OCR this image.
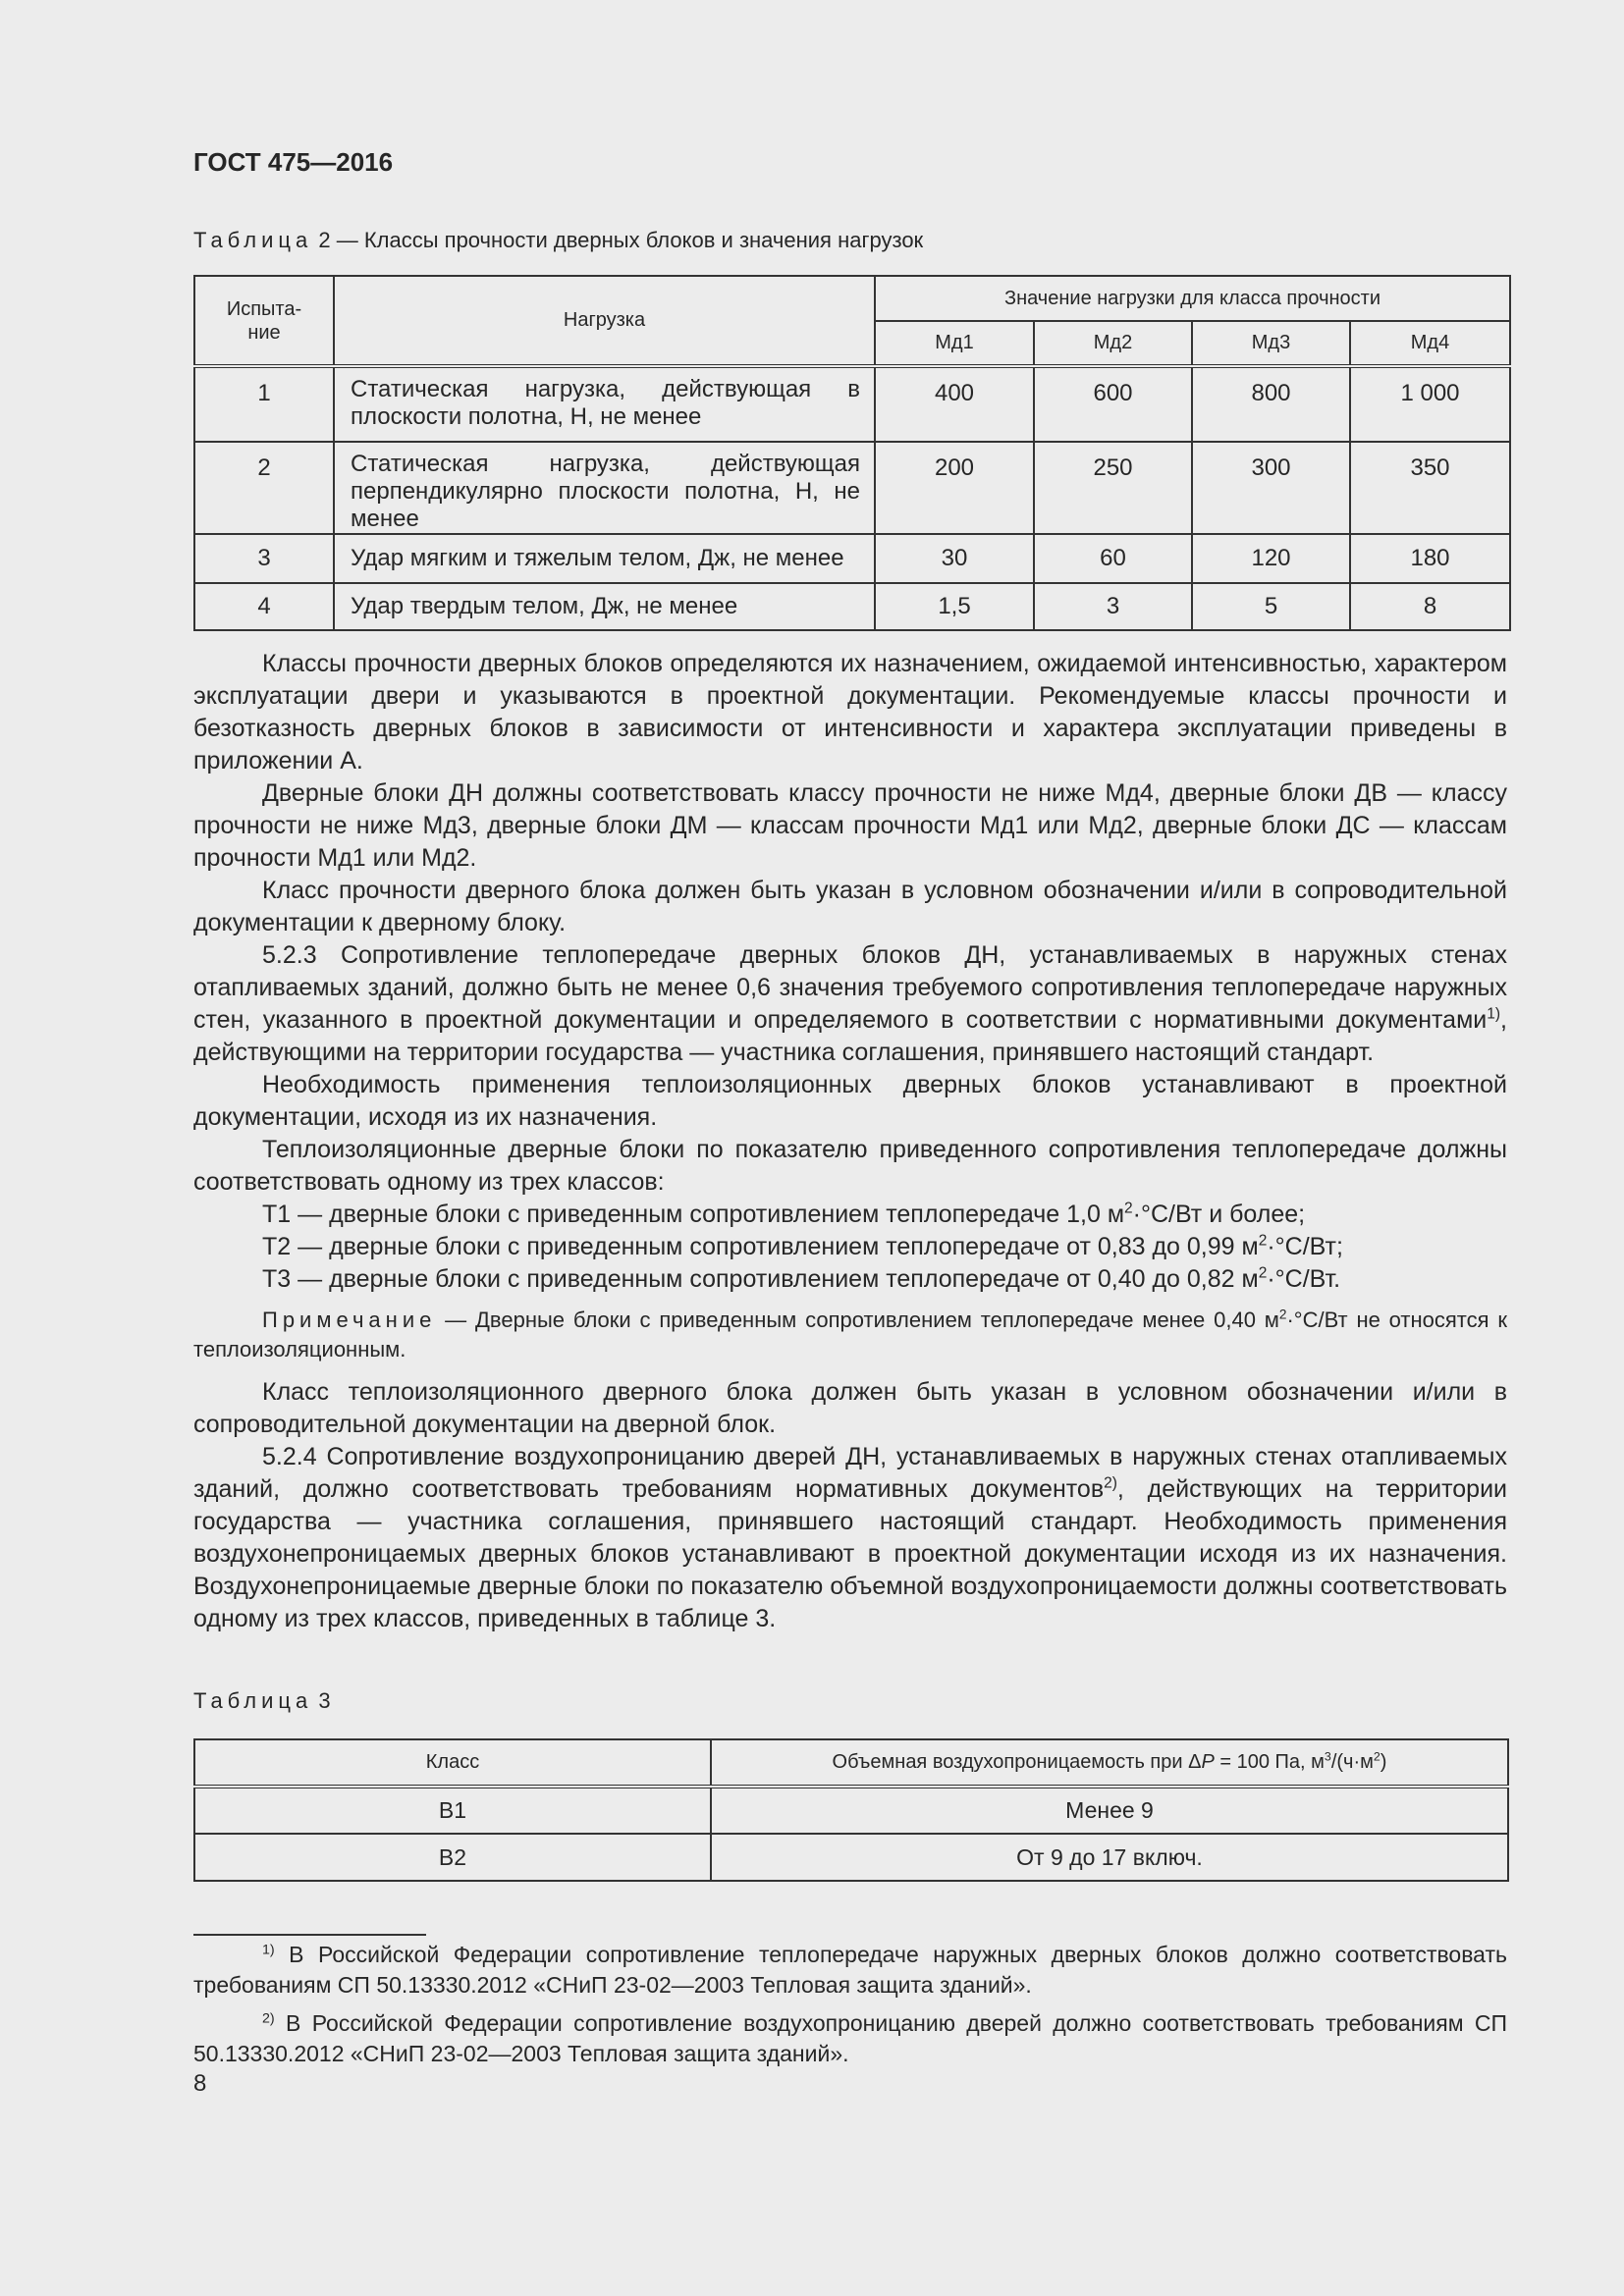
ГОСТ 475—2016
Таблица 2 — Классы прочности дверных блоков и значения нагрузок
Испыта-
ние	Нагрузка	Значение нагрузки для класса прочности			
		Мд1	Мд2	Мд3	Мд4
1	Статическая нагрузка, действующая в плоскости полотна, Н, не менее	400	600	800	1 000
2	Статическая нагрузка, действующая перпендикулярно плоскости полотна, Н, не менее	200	250	300	350
3	Удар мягким и тяжелым телом, Дж, не менее	30	60	120	180
4	Удар твердым телом, Дж, не менее	1,5	3	5	8

Классы прочности дверных блоков определяются их назначением, ожидаемой интенсивностью, характером эксплуатации двери и указываются в проектной документации. Рекомендуемые классы прочности и безотказность дверных блоков в зависимости от интенсивности и характера эксплуатации приведены в приложении А.

Дверные блоки ДН должны соответствовать классу прочности не ниже Мд4, дверные блоки ДВ — классу прочности не ниже Мд3, дверные блоки ДМ — классам прочности Мд1 или Мд2, дверные блоки ДС — классам прочности Мд1 или Мд2.

Класс прочности дверного блока должен быть указан в условном обозначении и/или в сопроводительной документации к дверному блоку.

5.2.3 Сопротивление теплопередаче дверных блоков ДН, устанавливаемых в наружных стенах отапливаемых зданий, должно быть не менее 0,6 значения требуемого сопротивления теплопередаче наружных стен, указанного в проектной документации и определяемого в соответствии с нормативными документами$^{1)}$, действующими на территории государства — участника соглашения, принявшего настоящий стандарт.

Необходимость применения теплоизоляционных дверных блоков устанавливают в проектной документации, исходя из их назначения.

Теплоизоляционные дверные блоки по показателю приведенного сопротивления теплопередаче должны соответствовать одному из трех классов:

Т1 — дверные блоки с приведенным сопротивлением теплопередаче 1,0 $м^2\cdot^\circ С/Вт$ и более;

Т2 — дверные блоки с приведенным сопротивлением теплопередаче от 0,83 до 0,99 $м^2\cdot^\circ С/Вт$;

Т3 — дверные блоки с приведенным сопротивлением теплопередаче от 0,40 до 0,82 $м^2\cdot^\circ С/Вт$.

Примечание — Дверные блоки с приведенным сопротивлением теплопередаче менее 0,40 $м^2\cdot^\circ С/Вт$ не относятся к теплоизоляционным.

Класс теплоизоляционного дверного блока должен быть указан в условном обозначении и/или в сопроводительной документации на дверной блок.

5.2.4 Сопротивление воздухопроницанию дверей ДН, устанавливаемых в наружных стенах отапливаемых зданий, должно соответствовать требованиям нормативных документов$^{2)}$, действующих на территории государства — участника соглашения, принявшего настоящий стандарт. Необходимость применения воздухонепроницаемых дверных блоков устанавливают в проектной документации исходя из их назначения. Воздухонепроницаемые дверные блоки по показателю объемной воздухопроницаемости должны соответствовать одному из трех классов, приведенных в таблице 3.

Таблица 3
Класс	Объемная воздухопроницаемость при ΔP = 100 Па, $м^3/(ч\cdot м^2)$
В1	Менее 9
В2	От 9 до 17 включ.

$^{1)}$ В Российской Федерации сопротивление теплопередаче наружных дверных блоков должно соответствовать требованиям СП 50.13330.2012 «СНиП 23-02—2003 Тепловая защита зданий».

$^{2)}$ В Российской Федерации сопротивление воздухопроницанию дверей должно соответствовать требованиям СП 50.13330.2012 «СНиП 23-02—2003 Тепловая защита зданий».

8
